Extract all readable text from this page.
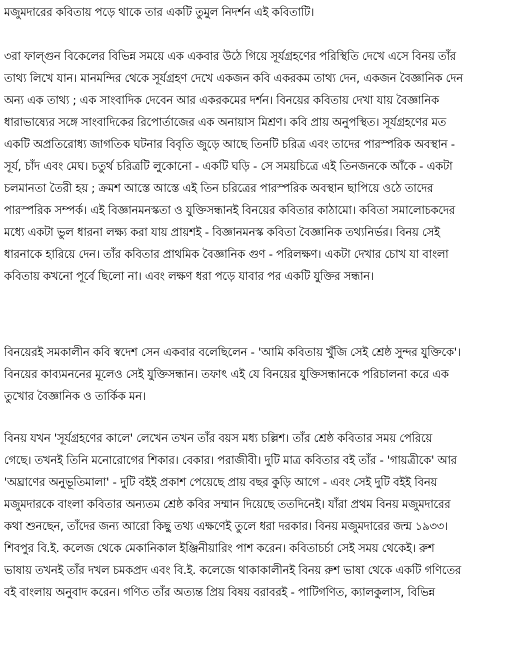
মজুমদারের কবিতায় পড়ে থাকে তার একটি তুমুল নিদর্শন এই কবিতাটি।
৩রা ফাল্গুন বিকেলের বিভিন্ন সময়ে এক একবার উঠে গিয়ে সূর্যগ্রহণের পরিস্থিতি দেখে এসে বিনয় তাঁর
তাথ্য লিখে যান। মানমন্দির থেকে সূর্যগ্রহণ দেখে একজন কবি একরকম তাথ্য দেন, একজন বৈজ্ঞানিক দেন
অন্য এক তাথ্য ; এক সাংবাদিক দেবেন আর একরকমের দর্শন। বিনয়ের কবিতায় দেখা যায় বৈজ্ঞানিক
ধারাভাষ্যের সঙ্গে সাংবাদিকের রিপোর্তাজের এক অনায়াস মিশ্রণ। কবি প্রায় অনুপস্থিত। সূর্যগ্রহণের মত
একটি অপ্রতিরোধ্য জাগতিক ঘটনার বিবৃতি জুড়ে আছে তিনটি চরিত্র এবং তাদের পারস্পরিক অবস্থান -
সূর্য, চাঁদ এবং মেঘ। চতুর্থ চরিত্রটি লুকোনো - একটি ঘড়ি - সে সময়চিত্রে এই তিনজনকে আঁকে - একটা
চলমানতা তৈরী হয় ; ক্রমশ আস্তে আস্তে এই তিন চরিত্রের পারস্পরিক অবস্থান ছাপিয়ে ওঠে তাদের
পারস্পরিক সম্পর্ক। এই বিজ্ঞানমনস্কতা ও যুক্তিসন্ধানই বিনয়ের কবিতার কাঠামো। কবিতা সমালোচকদের
মধ্যে একটা ভুল ধারনা লক্ষ্য করা যায় প্রায়শই - বিজ্ঞানমনস্ক কবিতা বৈজ্ঞানিক তথ্যনির্ভর। বিনয় সেই
ধারনাকে হারিয়ে দেন। তাঁর কবিতার প্রাথমিক বৈজ্ঞানিক গুণ - পরিলক্ষণ। একটা দেখার চোখ যা বাংলা
কবিতায় কখনো পূর্বে ছিলো না। এবং লক্ষণ ধরা পড়ে যাবার পর একটি যুক্তির সন্ধান।
বিনয়েরই সমকালীন কবি স্বদেশ সেন একবার বলেছিলেন - 'আমি কবিতায় খুঁজি সেই শ্রেষ্ঠ সুন্দর যুক্তিকে'।
বিনয়ের কাব্যমননের মূলেও সেই যুক্তিসন্ধান। তফাৎ এই যে বিনয়ের যুক্তিসন্ধানকে পরিচালনা করে এক
তুখোর বৈজ্ঞানিক ও তার্কিক মন।
বিনয় যখন 'সূর্যগ্রহণের কালে' লেখেন তখন তাঁর বয়স মধ্য চল্লিশ। তাঁর শ্রেষ্ঠ কবিতার সময় পেরিয়ে
গেছে। তখনই তিনি মনোরোগের শিকার। বেকার। পরাজীবী। দুটি মাত্র কবিতার বই তাঁর - 'গায়ত্রীকে' আর
'অঘ্রাণের অনুভূতিমালা' - দুটি বইই প্রকাশ পেয়েছে প্রায় বছর কুড়ি আগে - এবং সেই দুটি বইই বিনয়
মজুমদারকে বাংলা কবিতার অন্যতম শ্রেষ্ঠ কবির সম্মান দিয়েছে ততদিনেই। যাঁরা প্রথম বিনয় মজুমদারের
কথা শুনছেন, তাঁদের জন্য আরো কিছু তথ্য এক্ষণেই তুলে ধরা দরকার। বিনয় মজুমদারের জন্ম ১৯৩৩।
শিবপুর বি.ই. কলেজ থেকে মেকানিকাল ইঞ্জিনীয়ারিং পাশ করেন। কবিতাচর্চা সেই সময় থেকেই। রুশ
ভাষায় তখনই তাঁর দখল চমকপ্রদ এবং বি.ই. কলেজে থাকাকালীনই বিনয় রুশ ভাষা থেকে একটি গণিতের
বই বাংলায় অনুবাদ করেন। গণিত তাঁর অত্যন্ত প্রিয় বিষয় বরাবরই - পাটিগণিত, ক্যালকুলাস, বিভিন্ন
